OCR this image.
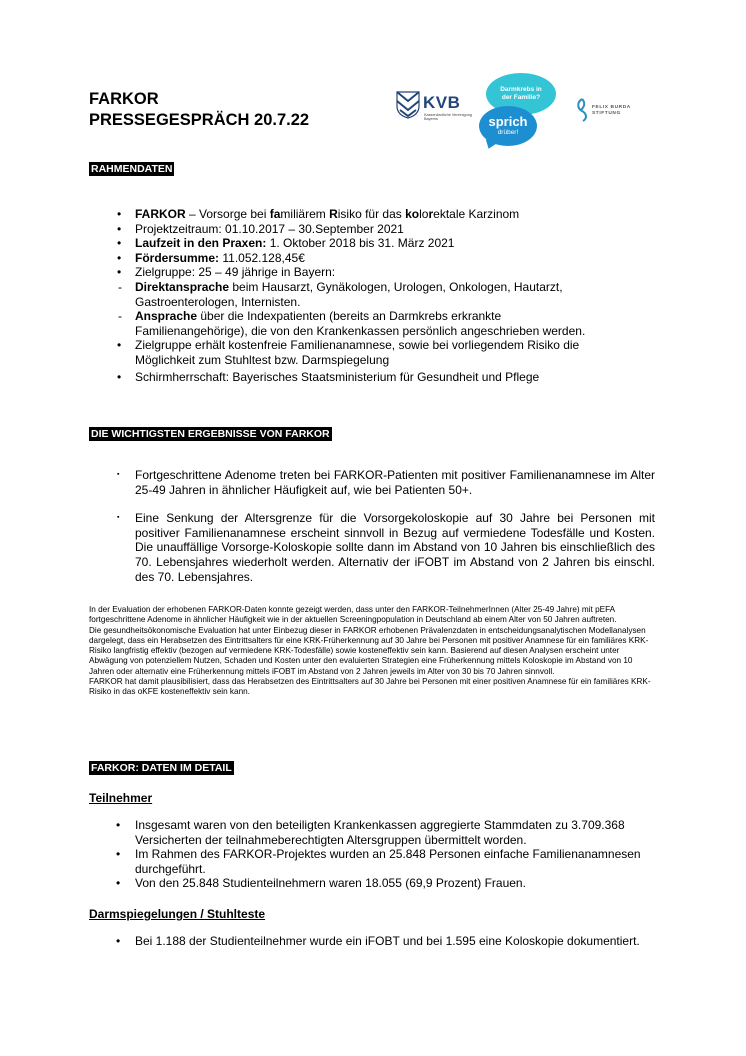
FARKOR
PRESSEGESPRÄCH 20.7.22
KVB
Kassenärztliche Vereinigung Bayerns
Darmkrebs in der Familie?
sprich
drüber!
FELIX BURDA
STIFTUNG
RAHMENDATEN
• FARKOR – Vorsorge bei familiärem Risiko für das kolorektale Karzinom
• Projektzeitraum: 01.10.2017 – 30.September 2021
• Laufzeit in den Praxen: 1. Oktober 2018 bis 31. März 2021
• Fördersumme: 11.052.128,45€
• Zielgruppe: 25 – 49 jährige in Bayern:
- Direktansprache beim Hausarzt, Gynäkologen, Urologen, Onkologen, Hautarzt, Gastroenterologen, Internisten.
- Ansprache über die Indexpatienten (bereits an Darmkrebs erkrankte Familienangehörige), die von den Krankenkassen persönlich angeschrieben werden.
• Zielgruppe erhält kostenfreie Familienanamnese, sowie bei vorliegendem Risiko die Möglichkeit zum Stuhltest bzw. Darmspiegelung
• Schirmherrschaft: Bayerisches Staatsministerium für Gesundheit und Pflege
DIE WICHTIGSTEN ERGEBNISSE VON FARKOR
▪ Fortgeschrittene Adenome treten bei FARKOR-Patienten mit positiver Familienanamnese im Alter 25-49 Jahren in ähnlicher Häufigkeit auf, wie bei Patienten 50+.
▪ Eine Senkung der Altersgrenze für die Vorsorgekoloskopie auf 30 Jahre bei Personen mit positiver Familienanamnese erscheint sinnvoll in Bezug auf vermiedene Todesfälle und Kosten. Die unauffällige Vorsorge-Koloskopie sollte dann im Abstand von 10 Jahren bis einschließlich des 70. Lebensjahres wiederholt werden. Alternativ der iFOBT im Abstand von 2 Jahren bis einschl. des 70. Lebensjahres.
In der Evaluation der erhobenen FARKOR-Daten konnte gezeigt werden, dass unter den FARKOR-TeilnehmerInnen (Alter 25-49 Jahre) mit pEFA fortgeschrittene Adenome in ähnlicher Häufigkeit wie in der aktuellen Screeningpopulation in Deutschland ab einem Alter von 50 Jahren auftreten.
Die gesundheitsökonomische Evaluation hat unter Einbezug dieser in FARKOR erhobenen Prävalenzdaten in entscheidungsanalytischen Modellanalysen dargelegt, dass ein Herabsetzen des Eintrittsalters für eine KRK-Früherkennung auf 30 Jahre bei Personen mit positiver Anamnese für ein familiäres KRK-Risiko langfristig effektiv (bezogen auf vermiedene KRK-Todesfälle) sowie kosteneffektiv sein kann. Basierend auf diesen Analysen erscheint unter Abwägung von potenziellem Nutzen, Schaden und Kosten unter den evaluierten Strategien eine Früherkennung mittels Koloskopie im Abstand von 10 Jahren oder alternativ eine Früherkennung mittels iFOBT im Abstand von 2 Jahren jeweils im Alter von 30 bis 70 Jahren sinnvoll.
FARKOR hat damit plausibilisiert, dass das Herabsetzen des Eintrittsalters auf 30 Jahre bei Personen mit einer positiven Anamnese für ein familiäres KRK-Risiko in das oKFE kosteneffektiv sein kann.
FARKOR: DATEN IM DETAIL
Teilnehmer
• Insgesamt waren von den beteiligten Krankenkassen aggregierte Stammdaten zu 3.709.368 Versicherten der teilnahmeberechtigten Altersgruppen übermittelt worden.
• Im Rahmen des FARKOR-Projektes wurden an 25.848 Personen einfache Familienanamnesen durchgeführt.
• Von den 25.848 Studienteilnehmern waren 18.055 (69,9 Prozent) Frauen.
Darmspiegelungen / Stuhlteste
• Bei 1.188 der Studienteilnehmer wurde ein iFOBT und bei 1.595 eine Koloskopie dokumentiert.
